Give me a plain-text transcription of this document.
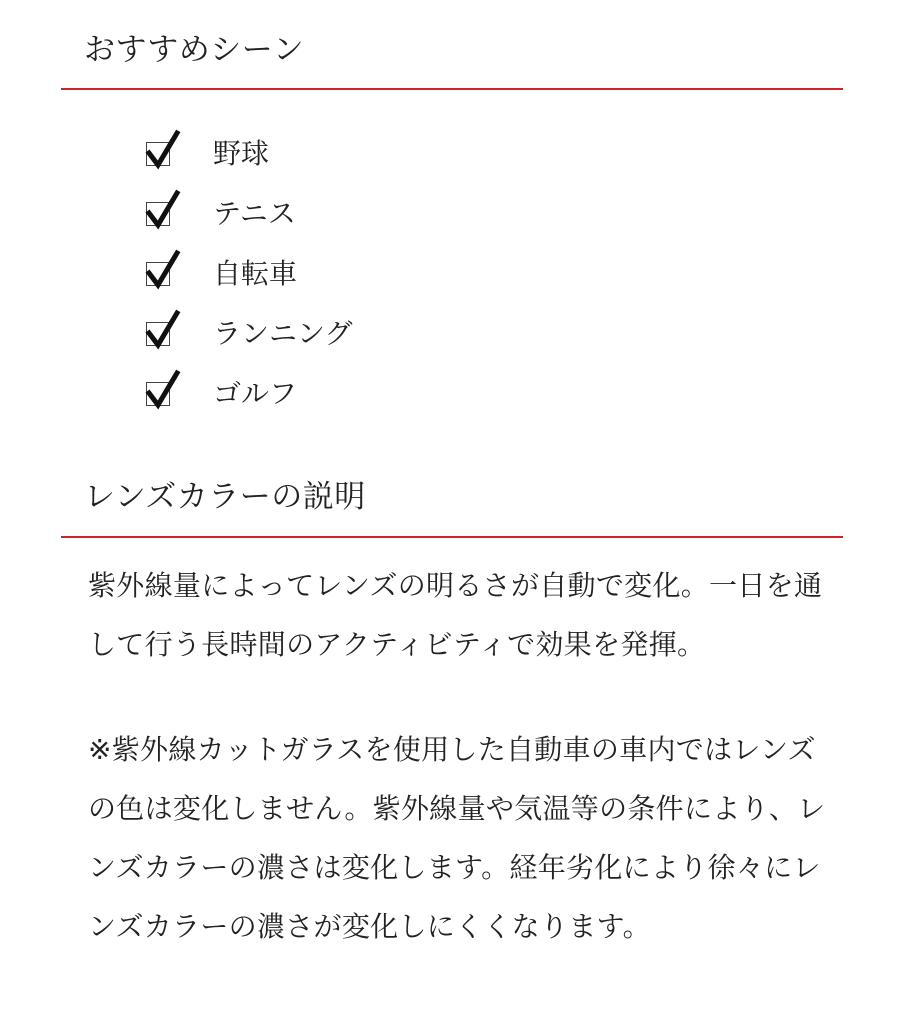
おすすめシーン
野球
テニス
自転車
ランニング
ゴルフ
レンズカラーの説明

紫外線量によってレンズの明るさが自動で変化。一日を通して行う長時間のアクティビティで効果を発揮。

※紫外線カットガラスを使用した自動車の車内ではレンズの色は変化しません。紫外線量や気温等の条件により、レンズカラーの濃さは変化します。経年劣化により徐々にレンズカラーの濃さが変化しにくくなります。
